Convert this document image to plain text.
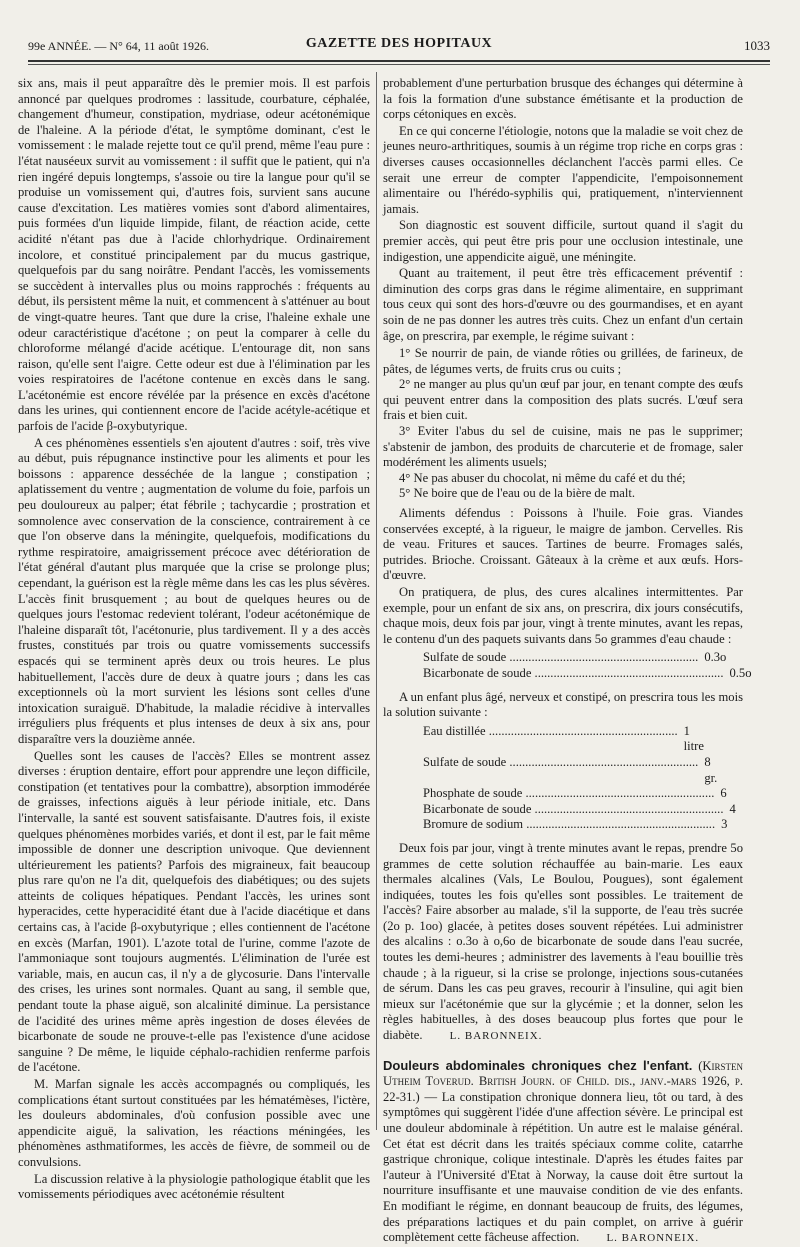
99e ANNÉE. — N° 64, 11 août 1926.	GAZETTE DES HOPITAUX	1033

six ans, mais il peut apparaître dès le premier mois. Il est parfois annoncé par quelques prodromes : lassitude, courbature, céphalée, changement d'humeur, constipation, mydriase, odeur acétonémique de l'haleine. A la période d'état, le symptôme dominant, c'est le vomissement : le malade rejette tout ce qu'il prend, même l'eau pure : l'état nauséeux survit au vomissement : il suffit que le patient, qui n'a rien ingéré depuis longtemps, s'assoie ou tire la langue pour qu'il se produise un vomissement qui, d'autres fois, survient sans aucune cause d'excitation. Les matières vomies sont d'abord alimentaires, puis formées d'un liquide limpide, filant, de réaction acide, cette acidité n'étant pas due à l'acide chlorhydrique. Ordinairement incolore, et constitué principalement par du mucus gastrique, quelquefois par du sang noirâtre. Pendant l'accès, les vomissements se succèdent à intervalles plus ou moins rapprochés : fréquents au début, ils persistent même la nuit, et commencent à s'atténuer au bout de vingt-quatre heures. Tant que dure la crise, l'haleine exhale une odeur caractéristique d'acétone ; on peut la comparer à celle du chloroforme mélangé d'acide acétique. L'entourage dit, non sans raison, qu'elle sent l'aigre. Cette odeur est due à l'élimination par les voies respiratoires de l'acétone contenue en excès dans le sang. L'acétonémie est encore révélée par la présence en excès d'acétone dans les urines, qui contiennent encore de l'acide acétyle-acétique et parfois de l'acide β-oxybutyrique.

A ces phénomènes essentiels s'en ajoutent d'autres : soif, très vive au début, puis répugnance instinctive pour les aliments et pour les boissons : apparence desséchée de la langue ; constipation ; aplatissement du ventre ; augmentation de volume du foie, parfois un peu douloureux au palper; état fébrile ; tachycardie ; prostration et somnolence avec conservation de la conscience, contrairement à ce que l'on observe dans la méningite, quelquefois, modifications du rythme respiratoire, amaigrissement précoce avec détérioration de l'état général d'autant plus marquée que la crise se prolonge plus; cependant, la guérison est la règle même dans les cas les plus sévères. L'accès finit brusquement ; au bout de quelques heures ou de quelques jours l'estomac redevient tolérant, l'odeur acétonémique de l'haleine disparaît tôt, l'acétonurie, plus tardivement. Il y a des accès frustes, constitués par trois ou quatre vomissements successifs espacés qui se terminent après deux ou trois heures. Le plus habituellement, l'accès dure de deux à quatre jours ; dans les cas exceptionnels où la mort survient les lésions sont celles d'une intoxication suraiguë. D'habitude, la maladie récidive à intervalles irréguliers plus fréquents et plus intenses de deux à six ans, pour disparaître vers la douzième année.

Quelles sont les causes de l'accès? Elles se montrent assez diverses : éruption dentaire, effort pour apprendre une leçon difficile, constipation (et tentatives pour la combattre), absorption immodérée de graisses, infections aiguës à leur période initiale, etc. Dans l'intervalle, la santé est souvent satisfaisante. D'autres fois, il existe quelques phénomènes morbides variés, et dont il est, par le fait même impossible de donner une description univoque. Que deviennent ultérieurement les patients? Parfois des migraineux, fait beaucoup plus rare qu'on ne l'a dit, quelquefois des diabétiques; ou des sujets atteints de coliques hépatiques. Pendant l'accès, les urines sont hyperacides, cette hyperacidité étant due à l'acide diacétique et dans certains cas, à l'acide β-oxybutyrique ; elles contiennent de l'acétone en excès (Marfan, 1901). L'azote total de l'urine, comme l'azote de l'ammoniaque sont toujours augmentés. L'élimination de l'urée est variable, mais, en aucun cas, il n'y a de glycosurie. Dans l'intervalle des crises, les urines sont normales. Quant au sang, il semble que, pendant toute la phase aiguë, son alcalinité diminue. La persistance de l'acidité des urines même après ingestion de doses élevées de bicarbonate de soude ne prouve-t-elle pas l'existence d'une acidose sanguine ? De même, le liquide céphalo-rachidien renferme parfois de l'acétone.

M. Marfan signale les accès accompagnés ou compliqués, les complications étant surtout constituées par les hématémèses, l'ictère, les douleurs abdominales, d'où confusion possible avec une appendicite aiguë, la salivation, les réactions méningées, les phénomènes asthmatiformes, les accès de fièvre, de sommeil ou de convulsions.

La discussion relative à la physiologie pathologique établit que les vomissements périodiques avec acétonémie résultent

probablement d'une perturbation brusque des échanges qui détermine à la fois la formation d'une substance émétisante et la production de corps cétoniques en excès.

En ce qui concerne l'étiologie, notons que la maladie se voit chez de jeunes neuro-arthritiques, soumis à un régime trop riche en corps gras : diverses causes occasionnelles déclanchent l'accès parmi elles. Ce serait une erreur de compter l'appendicite, l'empoisonnement alimentaire ou l'hérédo-syphilis qui, pratiquement, n'interviennent jamais.

Son diagnostic est souvent difficile, surtout quand il s'agit du premier accès, qui peut être pris pour une occlusion intestinale, une indigestion, une appendicite aiguë, une méningite.

Quant au traitement, il peut être très efficacement préventif : diminution des corps gras dans le régime alimentaire, en supprimant tous ceux qui sont des hors-d'œuvre ou des gourmandises, et en ayant soin de ne pas donner les autres très cuits. Chez un enfant d'un certain âge, on prescrira, par exemple, le régime suivant :

1° Se nourrir de pain, de viande rôties ou grillées, de farineux, de pâtes, de légumes verts, de fruits crus ou cuits ;
2° ne manger au plus qu'un œuf par jour, en tenant compte des œufs qui peuvent entrer dans la composition des plats sucrés. L'œuf sera frais et bien cuit.
3° Eviter l'abus du sel de cuisine, mais ne pas le supprimer; s'abstenir de jambon, des produits de charcuterie et de fromage, saler modérément les aliments usuels;
4° Ne pas abuser du chocolat, ni même du café et du thé;
5° Ne boire que de l'eau ou de la bière de malt.

Aliments défendus : Poissons à l'huile. Foie gras. Viandes conservées excepté, à la rigueur, le maigre de jambon. Cervelles. Ris de veau. Fritures et sauces. Tartines de beurre. Fromages salés, putrides. Brioche. Croissant. Gâteaux à la crème et aux œufs. Hors-d'œuvre.

On pratiquera, de plus, des cures alcalines intermittentes. Par exemple, pour un enfant de six ans, on prescrira, dix jours consécutifs, chaque mois, deux fois par jour, vingt à trente minutes, avant les repas, le contenu d'un des paquets suivants dans 5o grammes d'eau chaude :

Sulfate de soude .....	0.3o
Bicarbonate de soude .....	0.5o

A un enfant plus âgé, nerveux et constipé, on prescrira tous les mois la solution suivante :

Eau distillée .....	1 litre
Sulfate de soude .....	8 gr.
Phosphate de soude .....	6
Bicarbonate de soude .....	4
Bromure de sodium .....	3

Deux fois par jour, vingt à trente minutes avant le repas, prendre 5o grammes de cette solution réchauffée au bain-marie. Les eaux thermales alcalines (Vals, Le Boulou, Pougues), sont également indiquées, toutes les fois qu'elles sont possibles. Le traitement de l'accès? Faire absorber au malade, s'il la supporte, de l'eau très sucrée (2o p. 1oo) glacée, à petites doses souvent répétées. Lui administrer des alcalins : o.3o à o,6o de bicarbonate de soude dans l'eau sucrée, toutes les demi-heures ; administrer des lavements à l'eau bouillie très chaude ; à la rigueur, si la crise se prolonge, injections sous-cutanées de sérum. Dans les cas peu graves, recourir à l'insuline, qui agit bien mieux sur l'acétonémie que sur la glycémie ; et la donner, selon les règles habituelles, à des doses beaucoup plus fortes que pour le diabète. L. BARONNEIX.

Douleurs abdominales chroniques chez l'enfant. (Kirsten Utheim Toverud. British Journ. of Child. dis., janv.-mars 1926, p. 22-31.) — La constipation chronique donnera lieu, tôt ou tard, à des symptômes qui suggèrent l'idée d'une affection sévère. Le principal est une douleur abdominale à répétition. Un autre est le malaise général. Cet état est décrit dans les traités spéciaux comme colite, catarrhe gastrique chronique, colique intestinale. D'après les études faites par l'auteur à l'Université d'Etat à Norway, la cause doit être surtout la nourriture insuffisante et une mauvaise condition de vie des enfants. En modifiant le régime, en donnant beaucoup de fruits, des légumes, des préparations lactiques et du pain complet, on arrive à guérir complètement cette fâcheuse affection. L. BARONNEIX.
